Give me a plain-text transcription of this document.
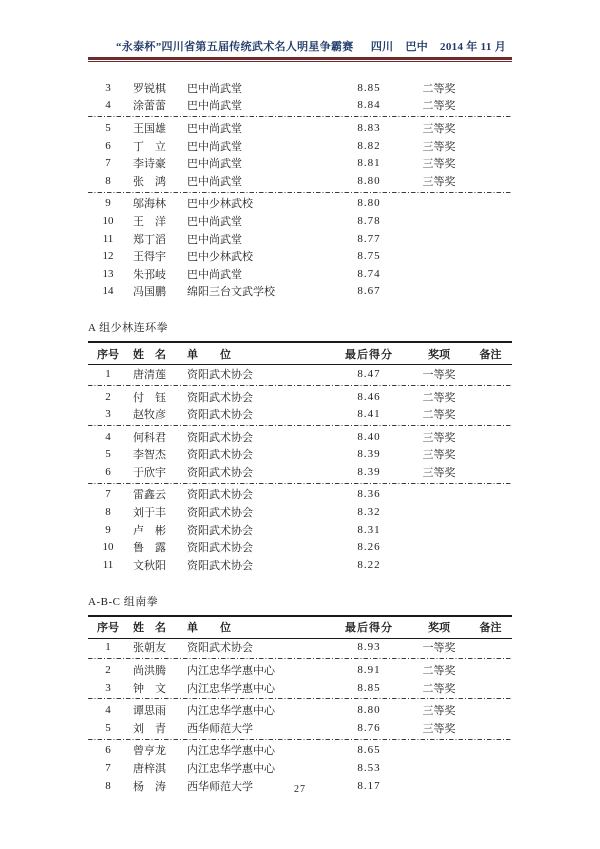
“永泰杯”四川省第五届传统武术名人明星争霸赛 四川 巴中 2014 年 11 月
3	罗锐棋	巴中尚武堂	8.85	二等奖
4	涂蕾蕾	巴中尚武堂	8.84	二等奖
5	王国雄	巴中尚武堂	8.83	三等奖
6	丁　立	巴中尚武堂	8.82	三等奖
7	李诗豪	巴中尚武堂	8.81	三等奖
8	张　鸿	巴中尚武堂	8.80	三等奖
9	邬海林	巴中少林武校	8.80
10	王　洋	巴中尚武堂	8.78
11	郑丁滔	巴中尚武堂	8.77
12	王得宇	巴中少林武校	8.75
13	朱邘岐	巴中尚武堂	8.74
14	冯国鹏	绵阳三台文武学校	8.67
A 组少林连环拳
序号	姓　名	单　　位	最后得分	奖项	备注
1	唐清莲	资阳武术协会	8.47	一等奖
2	付　钰	资阳武术协会	8.46	二等奖
3	赵牧彦	资阳武术协会	8.41	二等奖
4	何科君	资阳武术协会	8.40	三等奖
5	李智杰	资阳武术协会	8.39	三等奖
6	于欣宇	资阳武术协会	8.39	三等奖
7	雷鑫云	资阳武术协会	8.36
8	刘于丰	资阳武术协会	8.32
9	卢　彬	资阳武术协会	8.31
10	鲁　露	资阳武术协会	8.26
11	文秋阳	资阳武术协会	8.22
A-B-C 组南拳
序号	姓　名	单　　位	最后得分	奖项	备注
1	张朝友	资阳武术协会	8.93	一等奖
2	尚洪腾	内江忠华学惠中心	8.91	二等奖
3	钟　文	内江忠华学惠中心	8.85	二等奖
4	谭思雨	内江忠华学惠中心	8.80	三等奖
5	刘　青	西华师范大学	8.76	三等奖
6	曾亨龙	内江忠华学惠中心	8.65
7	唐梓淇	内江忠华学惠中心	8.53
8	杨　涛	西华师范大学	8.17
27
